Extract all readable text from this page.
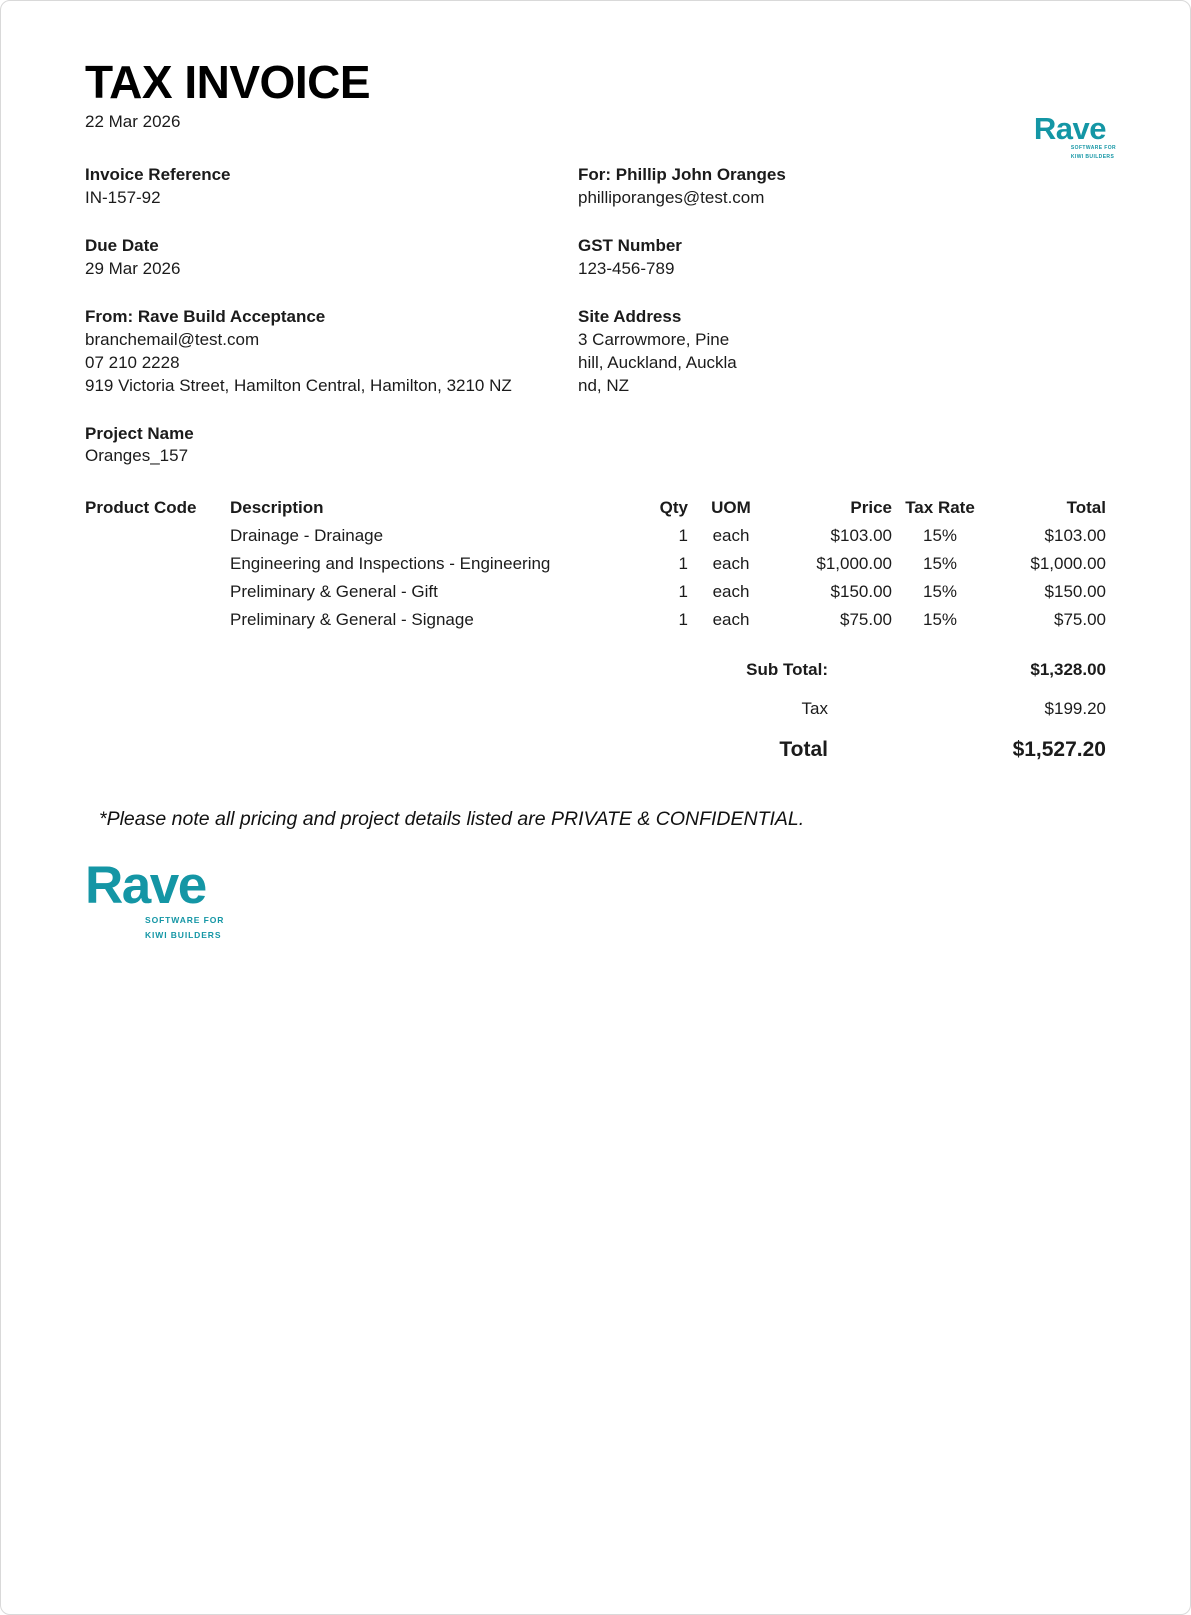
TAX INVOICE
22 Mar 2026	Rave
SOFTWARE FOR
KIWI BUILDERS
Invoice Reference
IN-157-92
For: Phillip John Oranges
philliporanges@test.com
Due Date
29 Mar 2026
GST Number
123-456-789
From: Rave Build Acceptance
branchemail@test.com
07 210 2228
919 Victoria Street, Hamilton Central, Hamilton, 3210 NZ
Site Address
3 Carrowmore, Pinehill, Auckland, Auckland, NZ
Project Name
Oranges_157
Product Code	Description	Qty	UOM	Price	Tax Rate	Total
	Drainage - Drainage	1	each	$103.00	15%	$103.00
	Engineering and Inspections - Engineering	1	each	$1,000.00	15%	$1,000.00
	Preliminary & General - Gift	1	each	$150.00	15%	$150.00
	Preliminary & General - Signage	1	each	$75.00	15%	$75.00
Sub Total:	$1,328.00
Tax	$199.20
Total	$1,527.20
*Please note all pricing and project details listed are PRIVATE & CONFIDENTIAL.
Rave
SOFTWARE FOR
KIWI BUILDERS
